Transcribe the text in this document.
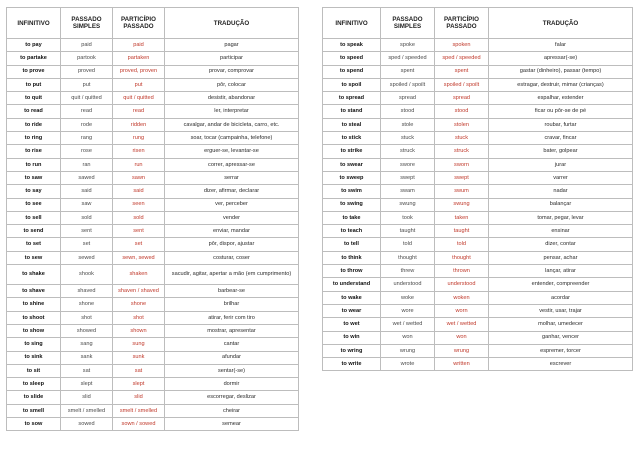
INFINITIVO	PASSADO SIMPLES	PARTICÍPIO PASSADO	TRADUÇÃO
to pay	paid	paid	pagar
to partake	partook	partaken	participar
to prove	proved	proved, proven	provar, comprovar
to put	put	put	pôr, colocar
to quit	quit / quitted	quit / quitted	desistir, abandonar
to read	read	read	ler, interpretar
to ride	rode	ridden	cavalgar, andar de bicicleta, carro, etc.
to ring	rang	rung	soar, tocar (campainha, telefone)
to rise	rose	risen	erguer-se, levantar-se
to run	ran	run	correr, apressar-se
to saw	sawed	sawn	serrar
to say	said	said	dizer, afirmar, declarar
to see	saw	seen	ver, perceber
to sell	sold	sold	vender
to send	sent	sent	enviar, mandar
to set	set	set	pôr, dispor, ajustar
to sew	sewed	sewn, sewed	costurar, coser
to shake	shook	shaken	sacudir, agitar, apertar a mão (em cumprimento)
to shave	shaved	shaven / shaved	barbear-se
to shine	shone	shone	brilhar
to shoot	shot	shot	atirar, ferir com tiro
to show	showed	shown	mostrar, apresentar
to sing	sang	sung	cantar
to sink	sank	sunk	afundar
to sit	sat	sat	sentar(-se)
to sleep	slept	slept	dormir
to slide	slid	slid	escorregar, deslizar
to smell	smelt / smelled	smelt / smelled	cheirar
to sow	sowed	sown / sowed	semear
INFINITIVO	PASSADO SIMPLES	PARTICÍPIO PASSADO	TRADUÇÃO
to speak	spoke	spoken	falar
to speed	sped / speeded	sped / speeded	apressar(-se)
to spend	spent	spent	gastar (dinheiro), passar (tempo)
to spoil	spoiled / spoilt	spoiled / spoilt	estragar, destruir, mimar (crianças)
to spread	spread	spread	espalhar, estender
to stand	stood	stood	ficar ou pôr-se de pé
to steal	stole	stolen	roubar, furtar
to stick	stuck	stuck	cravar, fincar
to strike	struck	struck	bater, golpear
to swear	swore	sworn	jurar
to sweep	swept	swept	varrer
to swim	swam	swum	nadar
to swing	swung	swung	balançar
to take	took	taken	tomar, pegar, levar
to teach	taught	taught	ensinar
to tell	told	told	dizer, contar
to think	thought	thought	pensar, achar
to throw	threw	thrown	lançar, atirar
to understand	understood	understood	entender, compreender
to wake	woke	woken	acordar
to wear	wore	worn	vestir, usar, trajar
to wet	wet / wetted	wet / wetted	molhar, umedecer
to win	won	won	ganhar, vencer
to wring	wrung	wrung	espremer, torcer
to write	wrote	written	escrever
